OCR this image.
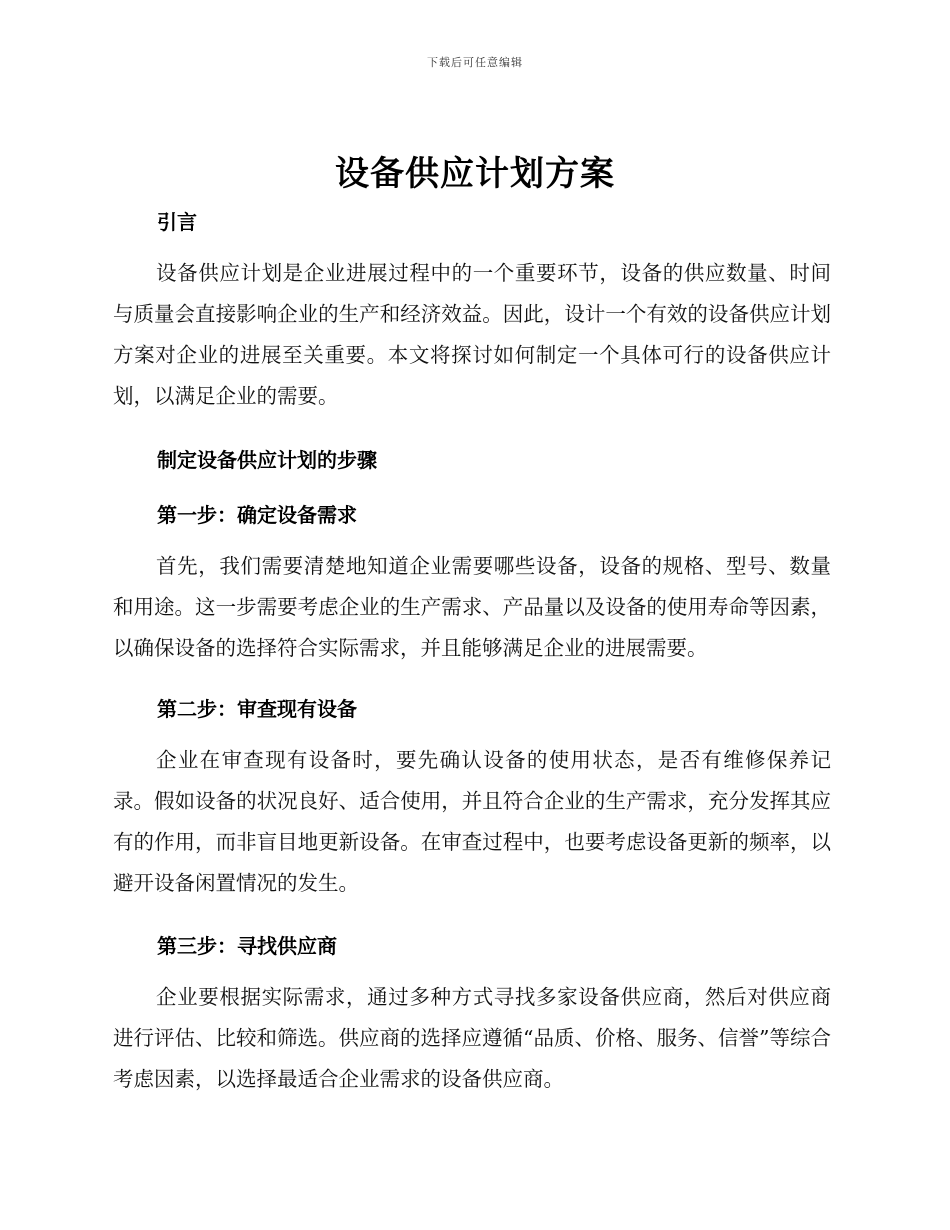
下载后可任意编辑
设备供应计划方案
引言
设备供应计划是企业进展过程中的一个重要环节，设备的供应数量、时间与质量会直接影响企业的生产和经济效益。因此，设计一个有效的设备供应计划方案对企业的进展至关重要。本文将探讨如何制定一个具体可行的设备供应计划，以满足企业的需要。
制定设备供应计划的步骤
第一步：确定设备需求
首先，我们需要清楚地知道企业需要哪些设备，设备的规格、型号、数量和用途。这一步需要考虑企业的生产需求、产品量以及设备的使用寿命等因素，以确保设备的选择符合实际需求，并且能够满足企业的进展需要。
第二步：审查现有设备
企业在审查现有设备时，要先确认设备的使用状态，是否有维修保养记录。假如设备的状况良好、适合使用，并且符合企业的生产需求，充分发挥其应有的作用，而非盲目地更新设备。在审查过程中，也要考虑设备更新的频率，以避开设备闲置情况的发生。
第三步：寻找供应商
企业要根据实际需求，通过多种方式寻找多家设备供应商，然后对供应商进行评估、比较和筛选。供应商的选择应遵循“品质、价格、服务、信誉”等综合考虑因素，以选择最适合企业需求的设备供应商。
